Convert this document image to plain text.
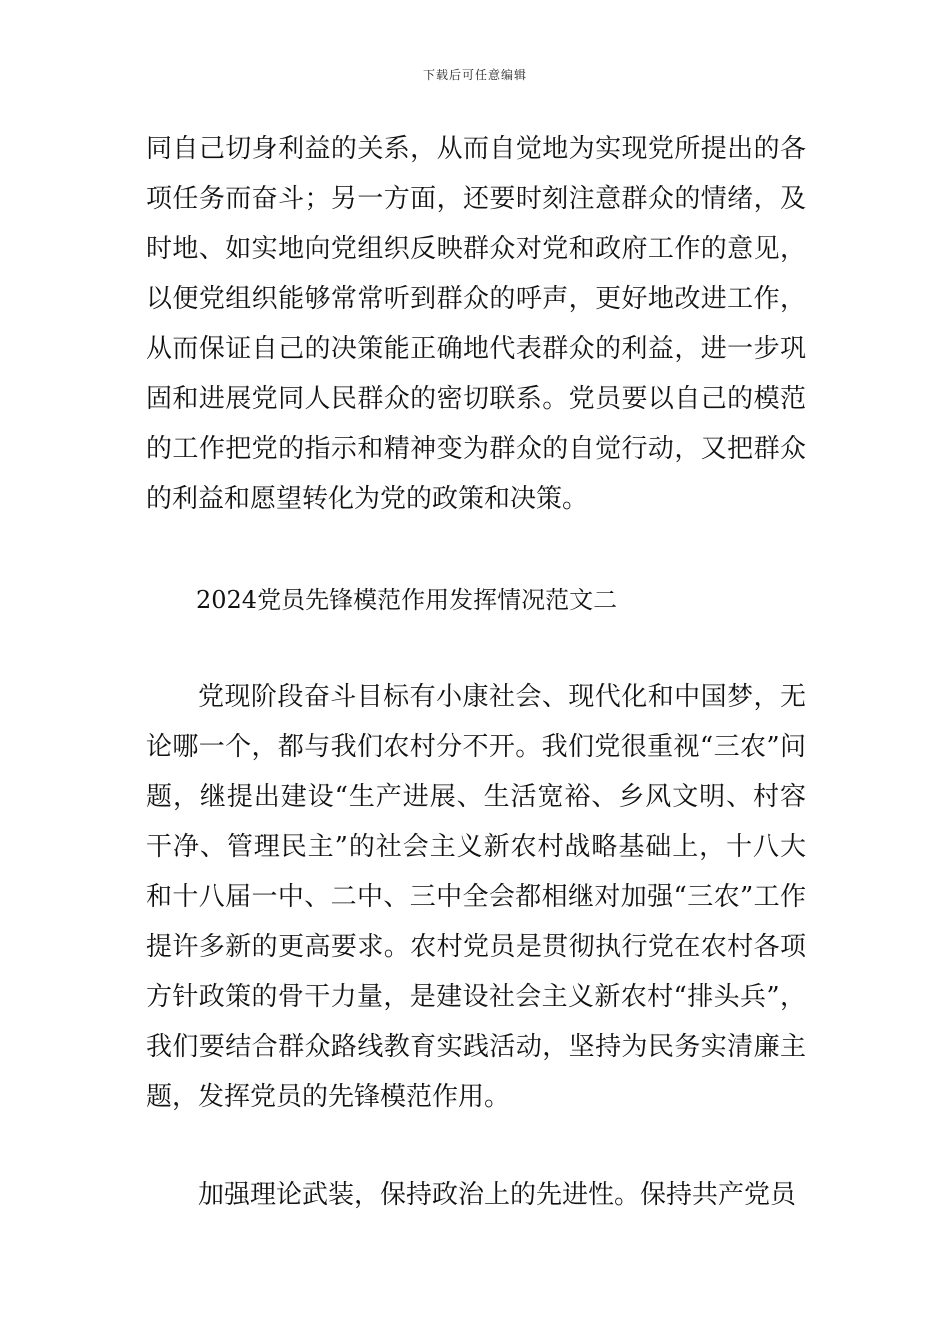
下载后可任意编辑
同自己切身利益的关系，从而自觉地为实现党所提出的各项任务而奋斗；另一方面，还要时刻注意群众的情绪，及时地、如实地向党组织反映群众对党和政府工作的意见，以便党组织能够常常听到群众的呼声，更好地改进工作，从而保证自己的决策能正确地代表群众的利益，进一步巩固和进展党同人民群众的密切联系。党员要以自己的模范的工作把党的指示和精神变为群众的自觉行动，又把群众的利益和愿望转化为党的政策和决策。
2024党员先锋模范作用发挥情况范文二
党现阶段奋斗目标有小康社会、现代化和中国梦，无论哪一个，都与我们农村分不开。我们党很重视“三农”问题，继提出建设“生产进展、生活宽裕、乡风文明、村容干净、管理民主”的社会主义新农村战略基础上，十八大和十八届一中、二中、三中全会都相继对加强“三农”工作提许多新的更高要求。农村党员是贯彻执行党在农村各项方针政策的骨干力量，是建设社会主义新农村“排头兵”，我们要结合群众路线教育实践活动，坚持为民务实清廉主题，发挥党员的先锋模范作用。
加强理论武装，保持政治上的先进性。保持共产党员
